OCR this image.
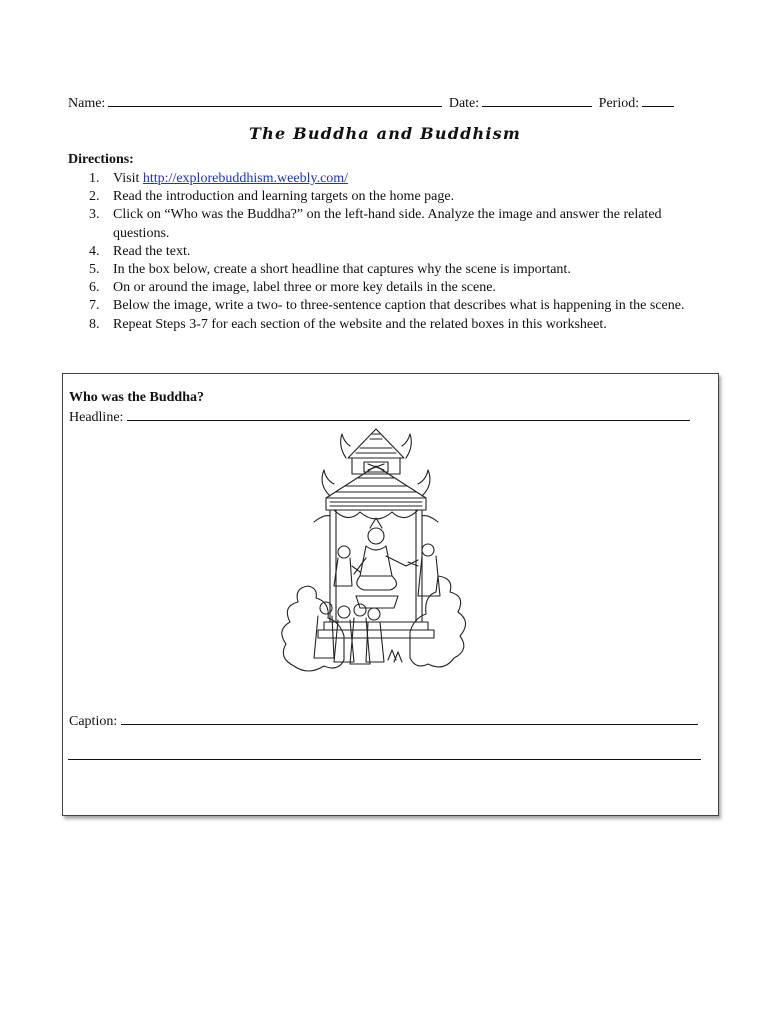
Name:	Date:	Period:
The Buddha and Buddhism
Directions:
1. Visit http://explorebuddhism.weebly.com/
2. Read the introduction and learning targets on the home page.
3. Click on “Who was the Buddha?” on the left-hand side. Analyze the image and answer the related questions.
4. Read the text.
5. In the box below, create a short headline that captures why the scene is important.
6. On or around the image, label three or more key details in the scene.
7. Below the image, write a two- to three-sentence caption that describes what is happening in the scene.
8. Repeat Steps 3-7 for each section of the website and the related boxes in this worksheet.
Who was the Buddha?
Headline:
Caption:
